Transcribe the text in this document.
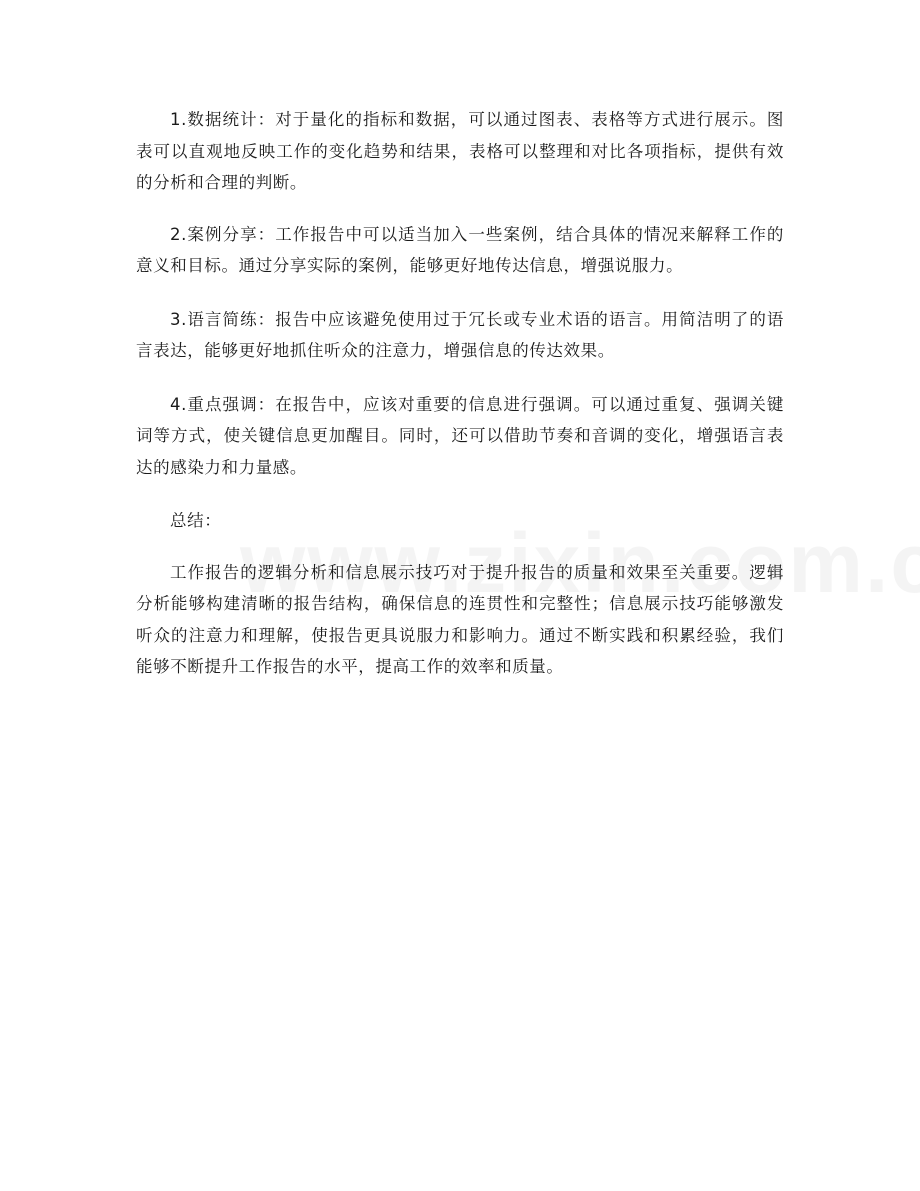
1.数据统计：对于量化的指标和数据，可以通过图表、表格等方式进行展示。图表可以直观地反映工作的变化趋势和结果，表格可以整理和对比各项指标，提供有效的分析和合理的判断。

2.案例分享：工作报告中可以适当加入一些案例，结合具体的情况来解释工作的意义和目标。通过分享实际的案例，能够更好地传达信息，增强说服力。

3.语言简练：报告中应该避免使用过于冗长或专业术语的语言。用简洁明了的语言表达，能够更好地抓住听众的注意力，增强信息的传达效果。

4.重点强调：在报告中，应该对重要的信息进行强调。可以通过重复、强调关键词等方式，使关键信息更加醒目。同时，还可以借助节奏和音调的变化，增强语言表达的感染力和力量感。

总结：

工作报告的逻辑分析和信息展示技巧对于提升报告的质量和效果至关重要。逻辑分析能够构建清晰的报告结构，确保信息的连贯性和完整性；信息展示技巧能够激发听众的注意力和理解，使报告更具说服力和影响力。通过不断实践和积累经验，我们能够不断提升工作报告的水平，提高工作的效率和质量。
